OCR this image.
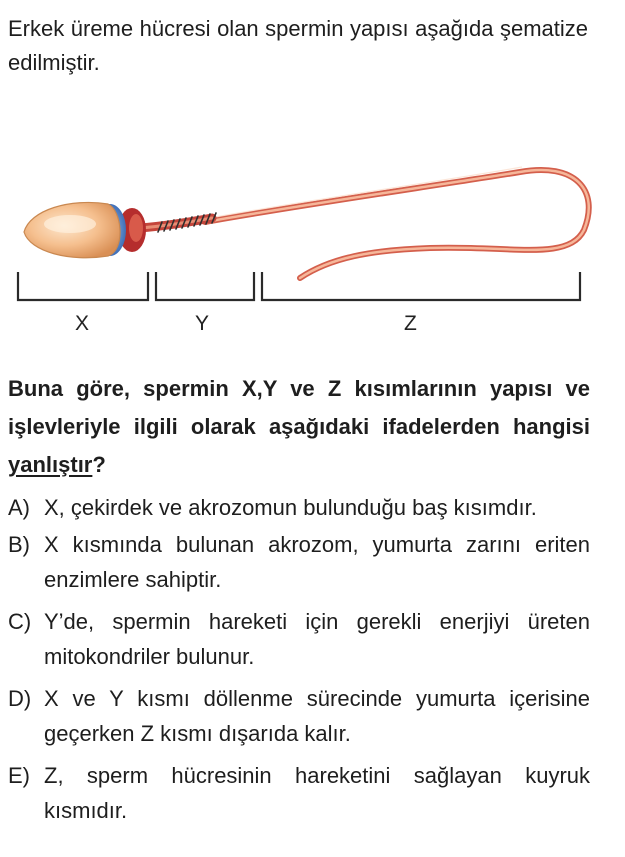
Erkek üreme hücresi olan spermin yapısı aşağıda şematize edilmiştir.

X	Y	Z

Buna göre, spermin X,Y ve Z kısımlarının yapısı ve işlevleriyle ilgili olarak aşağıdaki ifadelerden hangisi yanlıştır?

A) X, çekirdek ve akrozomun bulunduğu baş kısımdır.
B) X kısmında bulunan akrozom, yumurta zarını eriten enzimlere sahiptir.
C) Y’de, spermin hareketi için gerekli enerjiyi üreten mitokondriler bulunur.
D) X ve Y kısmı döllenme sürecinde yumurta içerisine geçerken Z kısmı dışarıda kalır.
E) Z, sperm hücresinin hareketini sağlayan kuyruk kısmıdır.
